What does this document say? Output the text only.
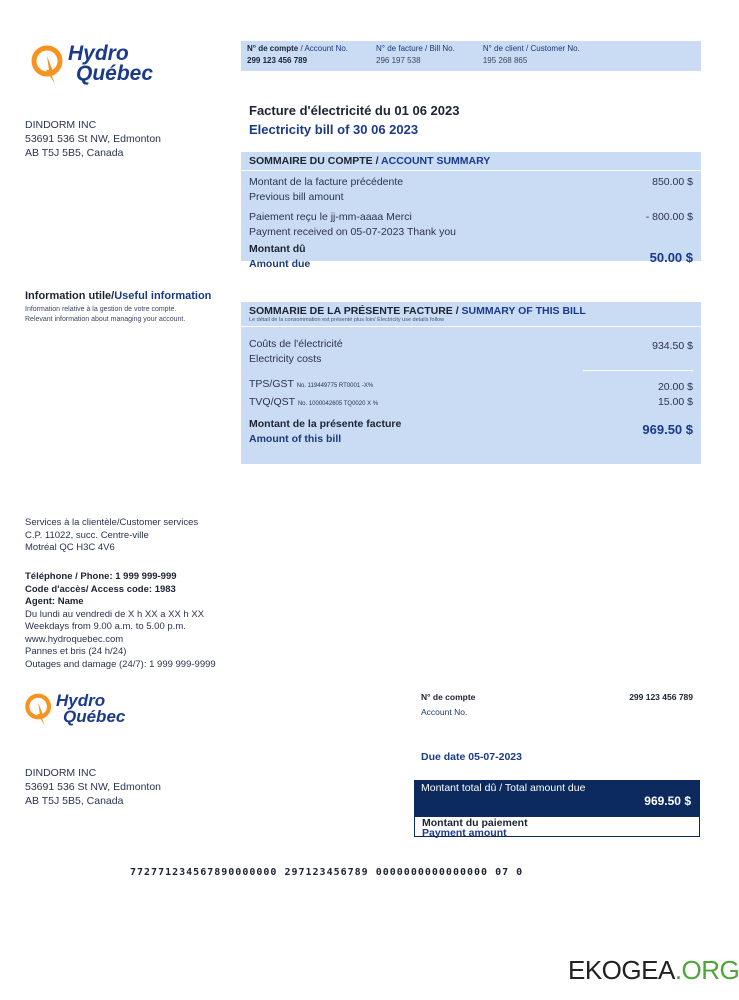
Hydro
Québec
N° de compte / Account No.
299 123 456 789
N° de facture / Bill No.
296 197 538
N° de client / Customer No.
195 268 865
DINDORM INC
53691 536 St NW, Edmonton
AB T5J 5B5, Canada
Facture d'électricité du 01 06 2023
Electricity bill of 30 06 2023
SOMMAIRE DU COMPTE / ACCOUNT SUMMARY
Montant de la facture précédente
Previous bill amount
850.00 $
Paiement reçu le jj-mm-aaaa Merci
Payment received on 05-07-2023 Thank you
- 800.00 $
Montant dû
Amount due	50.00 $
Information utile/Useful information
Information relative à la gestion de votre compte.
Relevant information about managing your account.
SOMMARIE DE LA PRÉSENTE FACTURE / SUMMARY OF THIS BILL
Le détail de la consommation est présenté plus loin/ Electricity use details follow
Coûts de l'électricité
Electricity costs
934.50 $
TPS/GST No. 119449775 RT0001 -X%	20.00 $
TVQ/QST No. 1000042605 TQ0020 X %	15.00 $
Montant de la présente facture
Amount of this bill
969.50 $
Services à la clientèle/Customer services
C.P. 11022, succ. Centre-ville
Motréal QC H3C 4V6
Téléphone / Phone: 1 999 999-999
Code d'accès/ Access code: 1983
Agent: Name
Du lundi au vendredi de X h XX a XX h XX
Weekdays from 9.00 a.m. to 5.00 p.m.
www.hydroquebec.com
Pannes et bris (24 h/24)
Outages and damage (24/7): 1 999 999-9999
Hydro
Québec
N° de compte	299 123 456 789
Account No.
Due date 05-07-2023
DINDORM INC
53691 536 St NW, Edmonton
AB T5J 5B5, Canada
Montant total dû / Total amount due
969.50 $
Montant du paiement
Payment amount
772771234567890000000 297123456789 0000000000000000 07 0
EKOGEA.ORG
